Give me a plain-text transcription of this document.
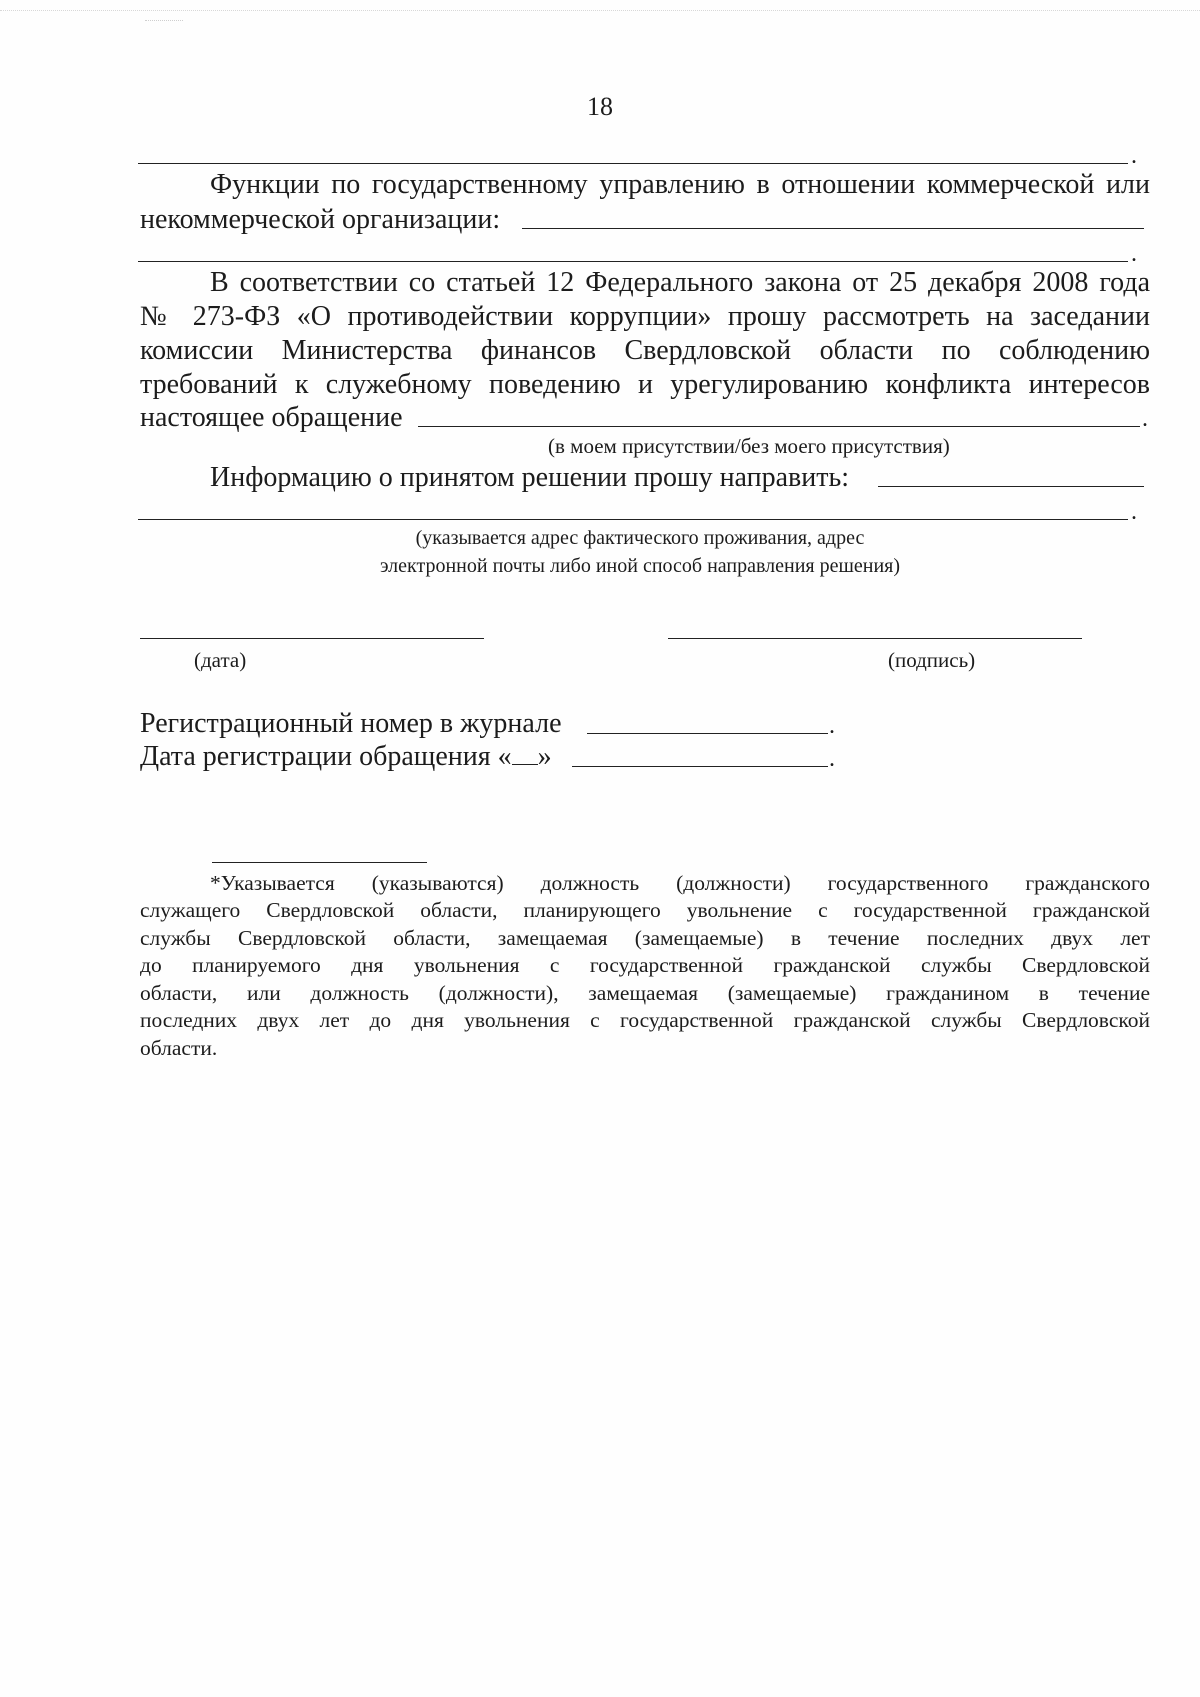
18
.
Функции по государственному управлению в отношении коммерческой или
некоммерческой организации:
.
В соответствии со статьей 12 Федерального закона от 25 декабря 2008 года
№ 273-ФЗ «О противодействии коррупции» прошу рассмотреть на заседании
комиссии Министерства финансов Свердловской области по соблюдению
требований к служебному поведению и урегулированию конфликта интересов
настоящее обращение	.
(в моем присутствии/без моего присутствия)
Информацию о принятом решении прошу направить:
.
(указывается адрес фактического проживания, адрес
электронной почты либо иной способ направления решения)
(дата)	(подпись)
Регистрационный номер в журнале	.
Дата регистрации обращения « »	.
*Указывается (указываются) должность (должности) государственного гражданского
служащего Свердловской области, планирующего увольнение с государственной гражданской
службы Свердловской области, замещаемая (замещаемые) в течение последних двух лет
до планируемого дня увольнения с государственной гражданской службы Свердловской
области, или должность (должности), замещаемая (замещаемые) гражданином в течение
последних двух лет до дня увольнения с государственной гражданской службы Свердловской
области.
